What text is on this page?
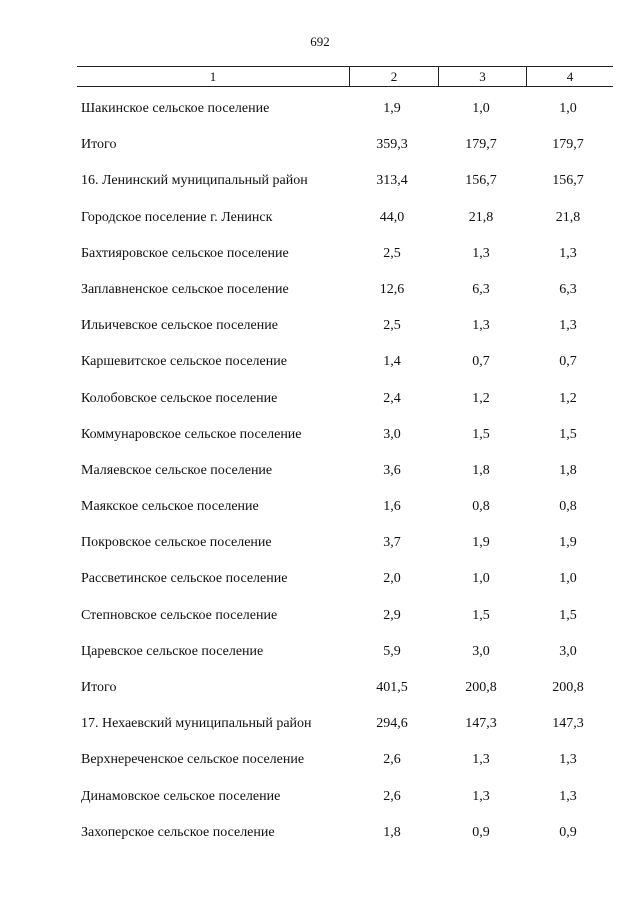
692
1	2	3	4
Шакинское сельское поселение	1,9	1,0	1,0
Итого	359,3	179,7	179,7
16. Ленинский муниципальный район	313,4	156,7	156,7
Городское поселение г. Ленинск	44,0	21,8	21,8
Бахтияровское сельское поселение	2,5	1,3	1,3
Заплавненское сельское поселение	12,6	6,3	6,3
Ильичевское сельское поселение	2,5	1,3	1,3
Каршевитское сельское поселение	1,4	0,7	0,7
Колобовское сельское поселение	2,4	1,2	1,2
Коммунаровское сельское поселение	3,0	1,5	1,5
Маляевское сельское поселение	3,6	1,8	1,8
Маякское сельское поселение	1,6	0,8	0,8
Покровское сельское поселение	3,7	1,9	1,9
Рассветинское сельское поселение	2,0	1,0	1,0
Степновское сельское поселение	2,9	1,5	1,5
Царевское сельское поселение	5,9	3,0	3,0
Итого	401,5	200,8	200,8
17. Нехаевский муниципальный район	294,6	147,3	147,3
Верхнереченское сельское поселение	2,6	1,3	1,3
Динамовское сельское поселение	2,6	1,3	1,3
Захоперское сельское поселение	1,8	0,9	0,9
